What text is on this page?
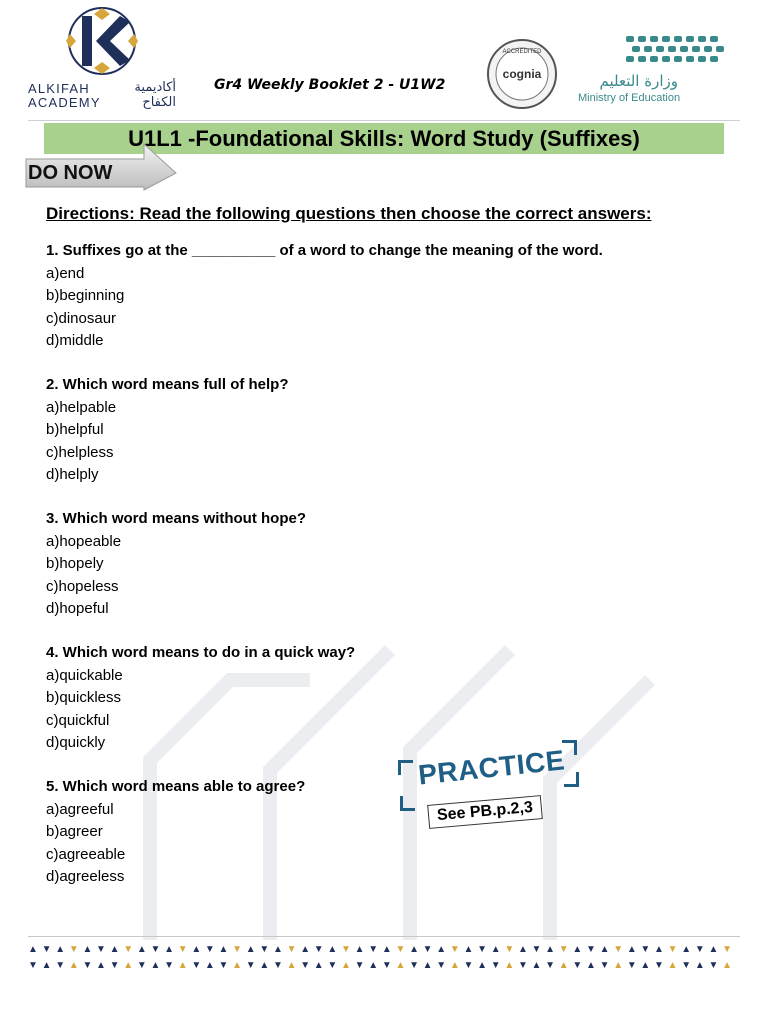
ALKIFAH
ACADEMY
أكاديمية
الكفاح
Gr4 Weekly Booklet 2 - U1W2
ACCREDITED
cognia	وزارة التعليم
Ministry of Education
U1L1 -Foundational Skills: Word Study (Suffixes)
DO NOW
Directions: Read the following questions then choose the correct answers:
1. Suffixes go at the __________ of a word to change the meaning of the word.
a)end
b)beginning
c)dinosaur
d)middle
2. Which word means full of help?
a)helpable
b)helpful
c)helpless
d)helply
3. Which word means without hope?
a)hopeable
b)hopely
c)hopeless
d)hopeful
4. Which word means to do in a quick way?
a)quickable
b)quickless
c)quickful
d)quickly
5. Which word means able to agree?
a)agreeful
b)agreer
c)agreeable
d)agreeless
PRACTICE
See PB.p.2,3
▲ ▼ ▲ ▼ ▲ ▼ ▲ ▼ ▲ ▼ ▲ ▼ ▲ ▼ ▲ ▼ ▲ ▼ ▲ ▼ ▲ ▼ ▲ ▼ ▲ ▼ ▲ ▼ ▲ ▼ ▲ ▼ ▲ ▼ ▲ ▼ ▲ ▼ ▲ ▼ ▲ ▼ ▲ ▼ ▲ ▼ ▲ ▼ ▲ ▼ ▲ ▼
▼ ▲ ▼ ▲ ▼ ▲ ▼ ▲ ▼ ▲ ▼ ▲ ▼ ▲ ▼ ▲ ▼ ▲ ▼ ▲ ▼ ▲ ▼ ▲ ▼ ▲ ▼ ▲ ▼ ▲ ▼ ▲ ▼ ▲ ▼ ▲ ▼ ▲ ▼ ▲ ▼ ▲ ▼ ▲ ▼ ▲ ▼ ▲ ▼ ▲ ▼ ▲
